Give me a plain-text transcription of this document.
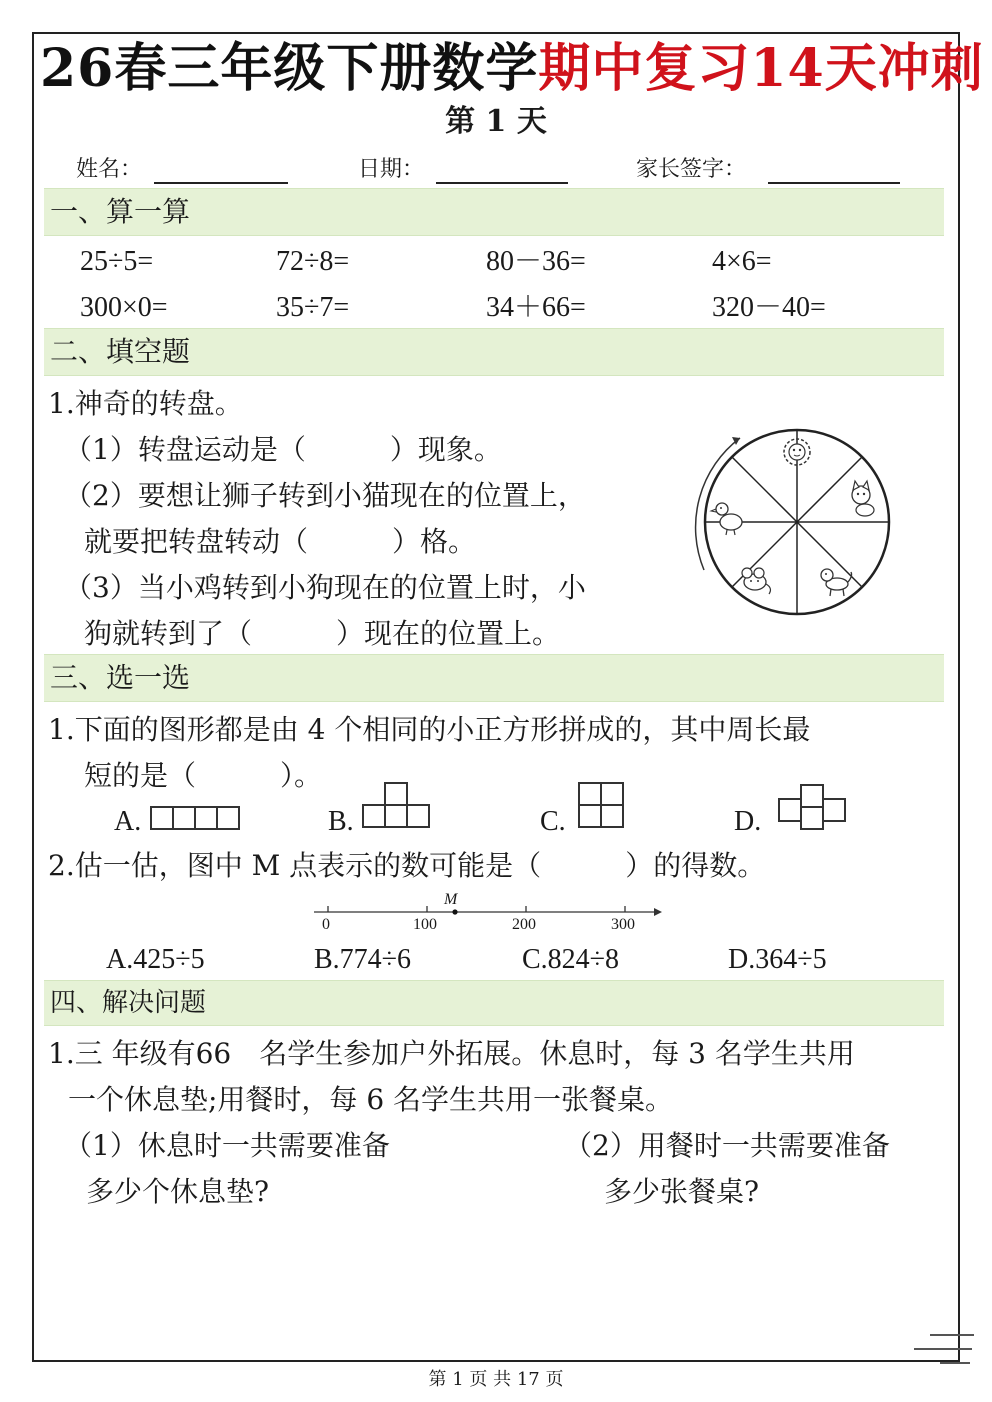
26春三年级下册数学期中复习14天冲刺
第 1 天
姓名：	日期：	家长签字：
一、算一算
25÷5=	72÷8=	80－36=	4×6=
300×0=	35÷7=	34＋66=	320－40=
二、填空题
1.神奇的转盘。
（1）转盘运动是（　　　）现象。
（2）要想让狮子转到小猫现在的位置上，
就要把转盘转动（　　　）格。
（3）当小鸡转到小狗现在的位置上时，小
狗就转到了（　　　）现在的位置上。
三、选一选
1.下面的图形都是由 4 个相同的小正方形拼成的，其中周长最
短的是（　　　）。
A.	B.	C.	D.
2.估一估，图中 M 点表示的数可能是（　　　）的得数。
M
0	100	200	300
A.425÷5	B.774÷6	C.824÷8	D.364÷5
四、解决问题
1.三 年级有66　名学生参加户外拓展。休息时，每 3 名学生共用
一个休息垫;用餐时，每 6 名学生共用一张餐桌。
（1）休息时一共需要准备
多少个休息垫?
（2）用餐时一共需要准备
多少张餐桌?
第 1 页 共 17 页
